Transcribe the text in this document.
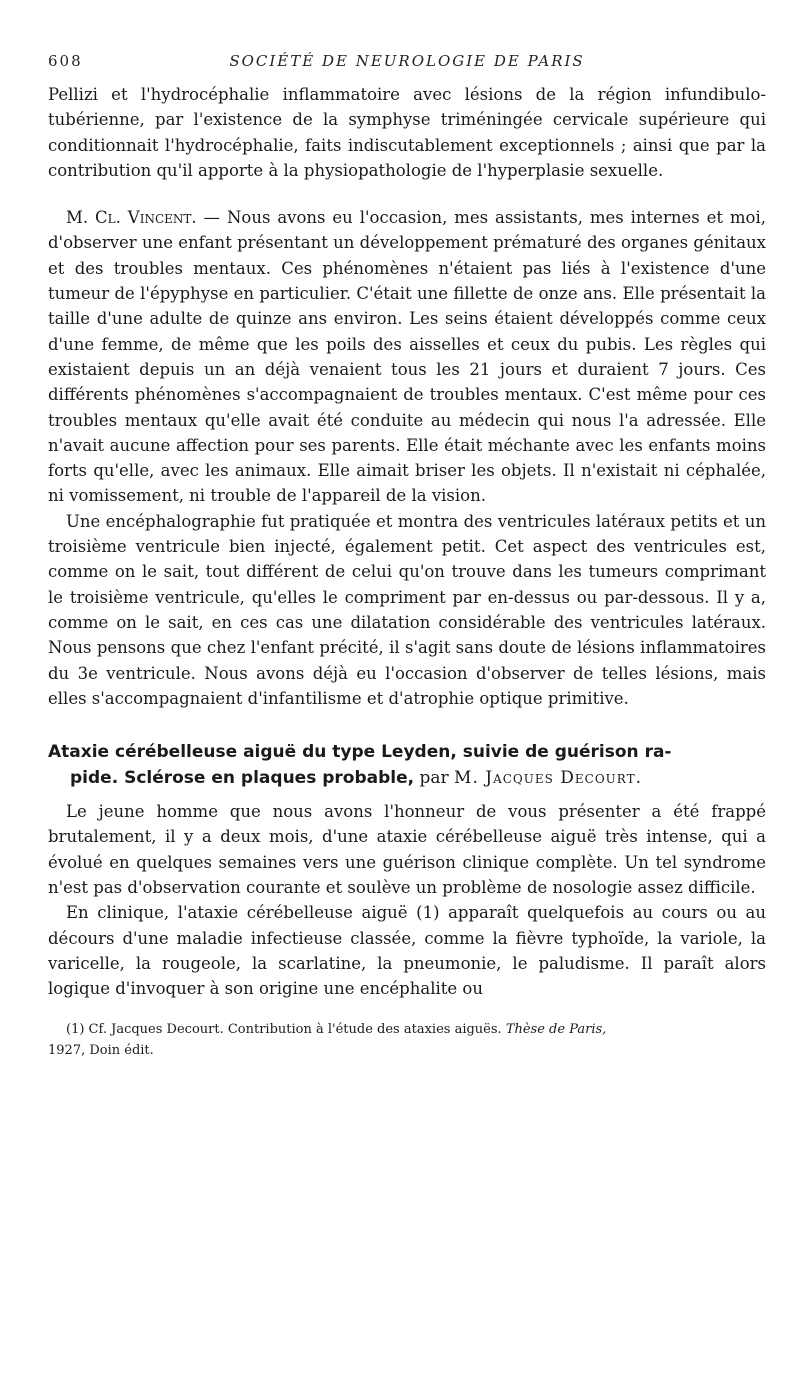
608	SOCIÉTÉ DE NEUROLOGIE DE PARIS

Pellizi et l'hydrocéphalie inflammatoire avec lésions de la région infundibulo-tubérienne, par l'existence de la symphyse triméningée cervicale supérieure qui conditionnait l'hydrocéphalie, faits indiscutablement exceptionnels ; ainsi que par la contribution qu'il apporte à la physiopathologie de l'hyperplasie sexuelle.

M. Cl. Vincent. — Nous avons eu l'occasion, mes assistants, mes internes et moi, d'observer une enfant présentant un développement prématuré des organes génitaux et des troubles mentaux. Ces phénomènes n'étaient pas liés à l'existence d'une tumeur de l'épyphyse en particulier. C'était une fillette de onze ans. Elle présentait la taille d'une adulte de quinze ans environ. Les seins étaient développés comme ceux d'une femme, de même que les poils des aisselles et ceux du pubis. Les règles qui existaient depuis un an déjà venaient tous les 21 jours et duraient 7 jours. Ces différents phénomènes s'accompagnaient de troubles mentaux. C'est même pour ces troubles mentaux qu'elle avait été conduite au médecin qui nous l'a adressée. Elle n'avait aucune affection pour ses parents. Elle était méchante avec les enfants moins forts qu'elle, avec les animaux. Elle aimait briser les objets. Il n'existait ni céphalée, ni vomissement, ni trouble de l'appareil de la vision.

Une encéphalographie fut pratiquée et montra des ventricules latéraux petits et un troisième ventricule bien injecté, également petit. Cet aspect des ventricules est, comme on le sait, tout différent de celui qu'on trouve dans les tumeurs comprimant le troisième ventricule, qu'elles le compriment par en-dessus ou par-dessous. Il y a, comme on le sait, en ces cas une dilatation considérable des ventricules latéraux. Nous pensons que chez l'enfant précité, il s'agit sans doute de lésions inflammatoires du 3e ventricule. Nous avons déjà eu l'occasion d'observer de telles lésions, mais elles s'accompagnaient d'infantilisme et d'atrophie optique primitive.

Ataxie cérébelleuse aiguë du type Leyden, suivie de guérison ra-
pide. Sclérose en plaques probable, par M. Jacques Decourt.

Le jeune homme que nous avons l'honneur de vous présenter a été frappé brutalement, il y a deux mois, d'une ataxie cérébelleuse aiguë très intense, qui a évolué en quelques semaines vers une guérison clinique complète. Un tel syndrome n'est pas d'observation courante et soulève un problème de nosologie assez difficile.

En clinique, l'ataxie cérébelleuse aiguë (1) apparaît quelquefois au cours ou au décours d'une maladie infectieuse classée, comme la fièvre typhoïde, la variole, la varicelle, la rougeole, la scarlatine, la pneumonie, le paludisme. Il paraît alors logique d'invoquer à son origine une encéphalite ou

(1) Cf. Jacques Decourt. Contribution à l'étude des ataxies aiguës. Thèse de Paris,
1927, Doin édit.
